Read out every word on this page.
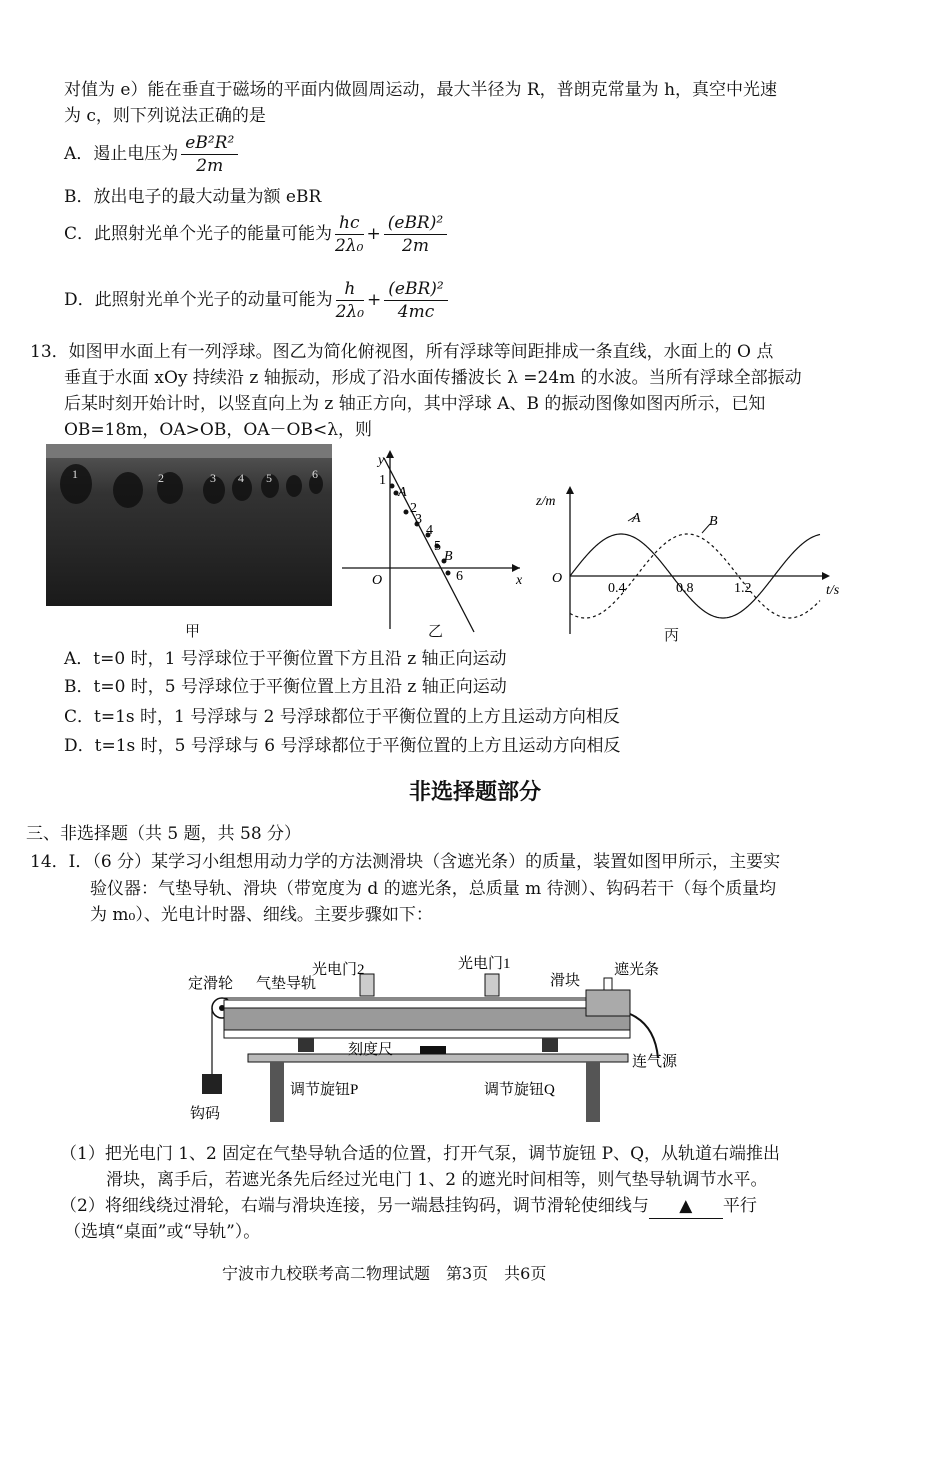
对值为 e）能在垂直于磁场的平面内做圆周运动，最大半径为 R，普朗克常量为 h，真空中光速
为 c，则下列说法正确的是
A．遏止电压为 $\frac{\text{eB²R²}}{2m}$
B．放出电子的最大动量为额 eBR
C．此照射光单个光子的能量可能为 $\frac{hc}{\text{2λ₀}} + \frac{\text{(eBR)²}}{2m}$
D．此照射光单个光子的动量可能为 $\frac{h}{\text{2λ₀}} + \frac{\text{(eBR)²}}{4mc}$
13．如图甲水面上有一列浮球。图乙为简化俯视图，所有浮球等间距排成一条直线，水面上的 O 点
垂直于水面 xOy 持续沿 z 轴振动，形成了沿水面传播波长 λ =24m 的水波。当所有浮球全部振动
后某时刻开始计时，以竖直向上为 z 轴正方向，其中浮球 A、B 的振动图像如图丙所示，已知
OB=18m，OA>OB，OA－OB<λ，则
1	2	3 4 5	6
甲
y
x
O
1
A
2
3
4
5
B
6
乙
z/m
t/s
O
0.4	0.8	1.2
A	B
丙
A．t=0 时，1 号浮球位于平衡位置下方且沿 z 轴正向运动
B．t=0 时，5 号浮球位于平衡位置上方且沿 z 轴正向运动
C．t=1s 时，1 号浮球与 2 号浮球都位于平衡位置的上方且运动方向相反
D．t=1s 时，5 号浮球与 6 号浮球都位于平衡位置的上方且运动方向相反
非选择题部分
三、非选择题（共 5 题，共 58 分）
14．I．（6 分）某学习小组想用动力学的方法测滑块（含遮光条）的质量，装置如图甲所示，主要实
验仪器：气垫导轨、滑块（带宽度为 d 的遮光条，总质量 m 待测）、钩码若干（每个质量均
为 m₀）、光电计时器、细线。主要步骤如下：
光电门2	光电门1
气垫导轨	滑块
遮光条
定滑轮
刻度尺
连气源
调节旋钮P	调节旋钮Q
钩码
（1）把光电门 1、2 固定在气垫导轨合适的位置，打开气泵，调节旋钮 P、Q，从轨道右端推出
滑块，离手后，若遮光条先后经过光电门 1、2 的遮光时间相等，则气垫导轨调节水平。
（2）将细线绕过滑轮，右端与滑块连接，另一端悬挂钩码，调节滑轮使细线与 ▲ 平行
（选填“桌面”或“导轨”）。
宁波市九校联考高二物理试题　第3页　共6页
